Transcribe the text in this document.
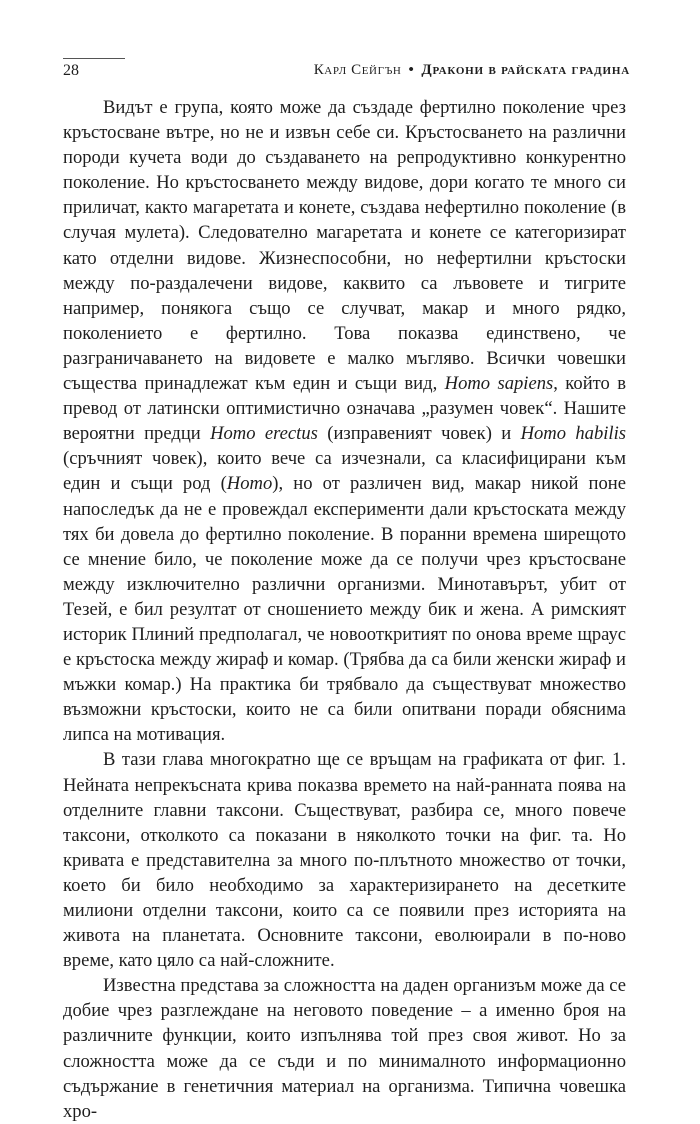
28	Карл Сейгън • Дракони в райската градина

Видът е група, която може да създаде фертилно поколение чрез кръстосване вътре, но не и извън себе си. Кръстосването на различни породи кучета води до създаването на репродуктивно конкурентно поколение. Но кръстосването между видове, дори когато те много си приличат, както магаретата и конете, създава нефертилно поколение (в случая мулета). Следователно магаретата и конете се категоризират като отделни видове. Жизнеспособни, но нефертилни кръстоски между по-раздалечени видове, каквито са лъвовете и тигрите например, понякога също се случват, макар и много рядко, поколението е фертилно. Това показва единствено, че разграничаването на видовете е малко мъгляво. Всички човешки същества принадлежат към един и същи вид, Homo sapiens, който в превод от латински оптимистично означава „разумен човек“. Нашите вероятни предци Homo erectus (изправеният човек) и Homo habilis (сръчният човек), които вече са изчезнали, са класифицирани към един и същи род (Homo), но от различен вид, макар никой поне напоследък да не е провеждал експерименти дали кръстоската между тях би довела до фертилно поколение. В поранни времена ширещото се мнение било, че поколение може да се получи чрез кръстосване между изключително различни организми. Минотавърът, убит от Тезей, е бил резултат от сношението между бик и жена. А римският историк Плиний предполагал, че новооткритият по онова време щраус е кръстоска между жираф и комар. (Трябва да са били женски жираф и мъжки комар.) На практика би трябвало да съществуват множество възможни кръстоски, които не са били опитвани поради обяснима липса на мотивация.

В тази глава многократно ще се връщам на графиката от фиг. 1. Нейната непрекъсната крива показва времето на най-ранната поява на отделните главни таксони. Съществуват, разбира се, много повече таксони, отколкото са показани в няколкото точки на фиг. та. Но кривата е представителна за много по-плътното множество от точки, което би било необходимо за характеризирането на десетките милиони отделни таксони, които са се появили през историята на живота на планетата. Основните таксони, еволюирали в по-ново време, като цяло са най-сложните.

Известна представа за сложността на даден организъм може да се добие чрез разглеждане на неговото поведение – а именно броя на различните функции, които изпълнява той през своя живот. Но за сложността може да се съди и по минималното информационно съдържание в генетичния материал на организма. Типична човешка хро-
